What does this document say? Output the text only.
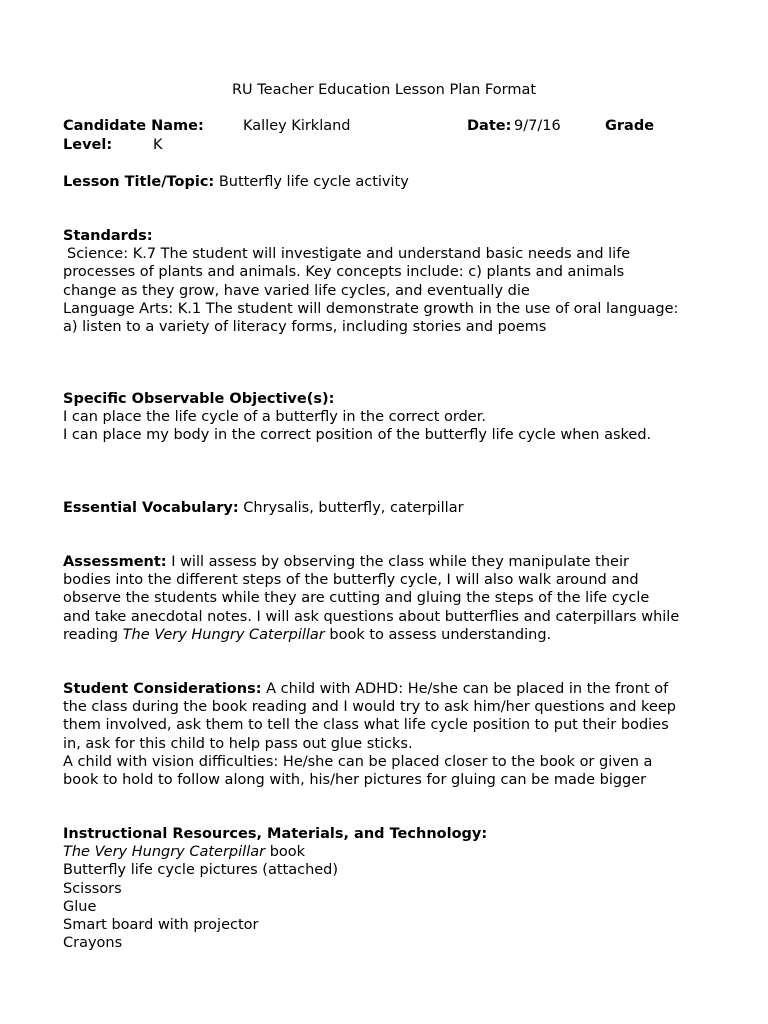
RU Teacher Education Lesson Plan Format
Candidate Name:	Kalley Kirkland	Date: 9/7/16	Grade
Level:	K

Lesson Title/Topic: Butterfly life cycle activity

Standards:

Science: K.7 The student will investigate and understand basic needs and life

processes of plants and animals. Key concepts include: c) plants and animals

change as they grow, have varied life cycles, and eventually die

Language Arts: K.1 The student will demonstrate growth in the use of oral language:

a) listen to a variety of literacy forms, including stories and poems

Specific Observable Objective(s):

I can place the life cycle of a butterfly in the correct order.

I can place my body in the correct position of the butterfly life cycle when asked.

Essential Vocabulary: Chrysalis, butterfly, caterpillar

Assessment: I will assess by observing the class while they manipulate their

bodies into the different steps of the butterfly cycle, I will also walk around and

observe the students while they are cutting and gluing the steps of the life cycle

and take anecdotal notes. I will ask questions about butterflies and caterpillars while

reading The Very Hungry Caterpillar book to assess understanding.

Student Considerations: A child with ADHD: He/she can be placed in the front of

the class during the book reading and I would try to ask him/her questions and keep

them involved, ask them to tell the class what life cycle position to put their bodies

in, ask for this child to help pass out glue sticks.

A child with vision difficulties: He/she can be placed closer to the book or given a

book to hold to follow along with, his/her pictures for gluing can be made bigger

Instructional Resources, Materials, and Technology:

The Very Hungry Caterpillar book

Butterfly life cycle pictures (attached)

Scissors

Glue

Smart board with projector

Crayons
